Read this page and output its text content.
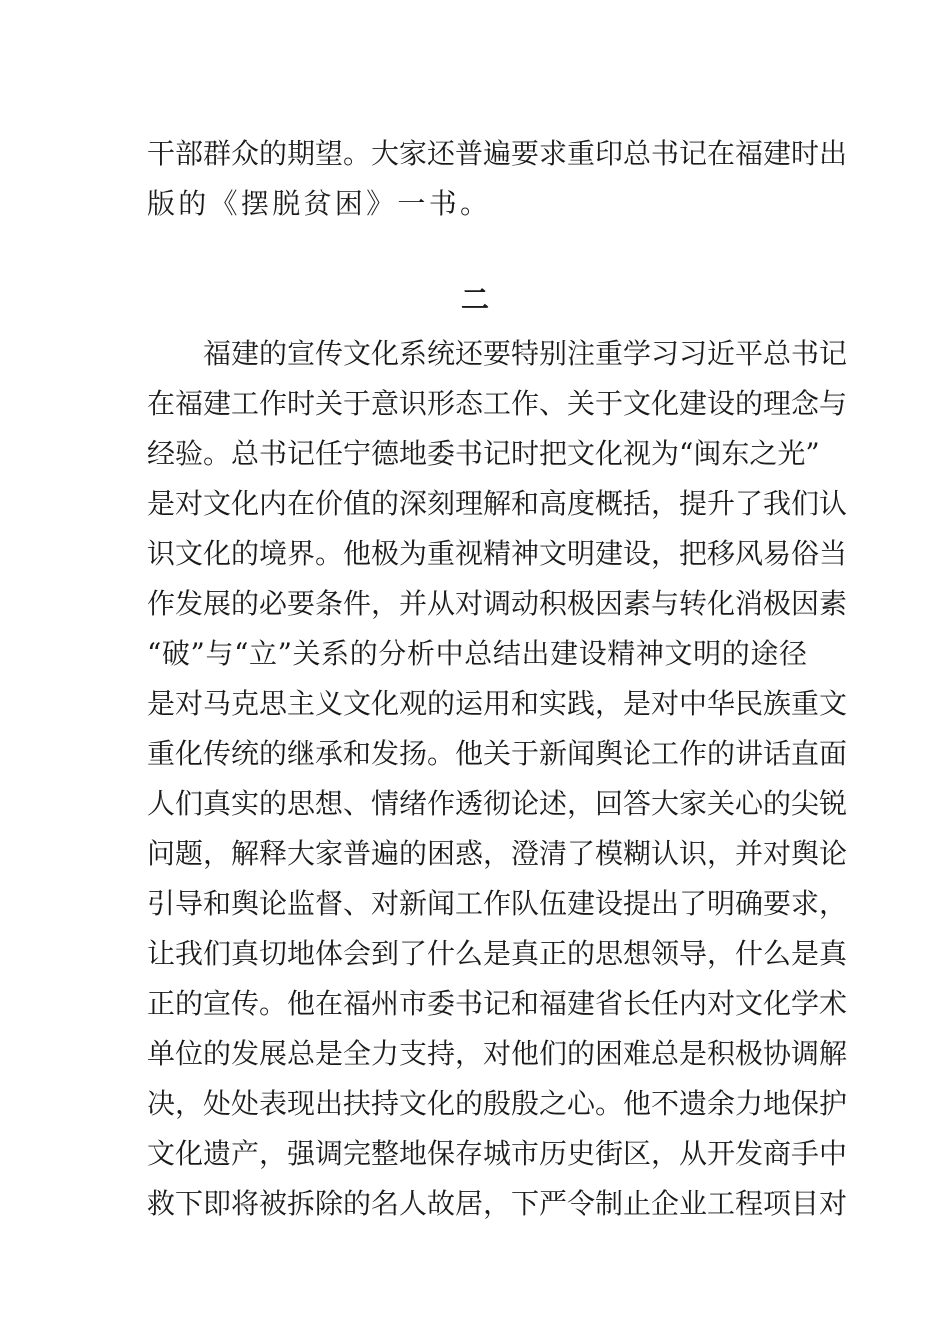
干部群众的期望。大家还普遍要求重印总书记在福建时出
版的《摆脱贫困》一书。
二
　　福建的宣传文化系统还要特别注重学习习近平总书记
在福建工作时关于意识形态工作、关于文化建设的理念与
经验。总书记任宁德地委书记时把文化视为“闽东之光”
是对文化内在价值的深刻理解和高度概括，提升了我们认
识文化的境界。他极为重视精神文明建设，把移风易俗当
作发展的必要条件，并从对调动积极因素与转化消极因素
“破”与“立”关系的分析中总结出建设精神文明的途径
是对马克思主义文化观的运用和实践，是对中华民族重文
重化传统的继承和发扬。他关于新闻舆论工作的讲话直面
人们真实的思想、情绪作透彻论述，回答大家关心的尖锐
问题，解释大家普遍的困惑，澄清了模糊认识，并对舆论
引导和舆论监督、对新闻工作队伍建设提出了明确要求，
让我们真切地体会到了什么是真正的思想领导，什么是真
正的宣传。他在福州市委书记和福建省长任内对文化学术
单位的发展总是全力支持，对他们的困难总是积极协调解
决，处处表现出扶持文化的殷殷之心。他不遗余力地保护
文化遗产，强调完整地保存城市历史街区，从开发商手中
救下即将被拆除的名人故居，下严令制止企业工程项目对
